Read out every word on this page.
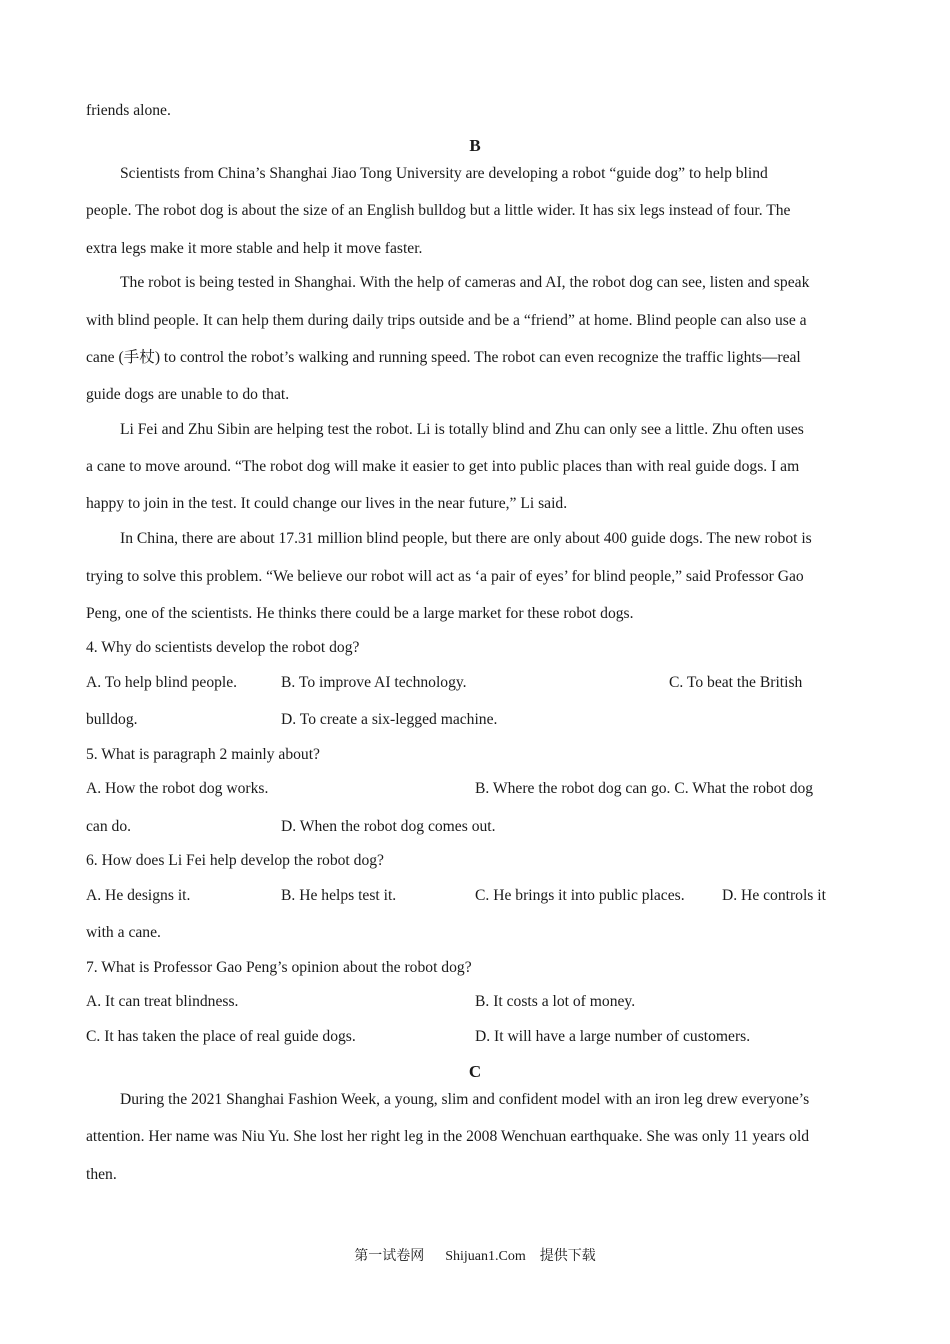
friends alone.
B
Scientists from China’s Shanghai Jiao Tong University are developing a robot “guide dog” to help blind
people. The robot dog is about the size of an English bulldog but a little wider. It has six legs instead of four. The
extra legs make it more stable and help it move faster.
The robot is being tested in Shanghai. With the help of cameras and AI, the robot dog can see, listen and speak
with blind people. It can help them during daily trips outside and be a “friend” at home. Blind people can also use a
cane (手杖) to control the robot’s walking and running speed. The robot can even recognize the traffic lights—real
guide dogs are unable to do that.
Li Fei and Zhu Sibin are helping test the robot. Li is totally blind and Zhu can only see a little. Zhu often uses
a cane to move around. “The robot dog will make it easier to get into public places than with real guide dogs. I am
happy to join in the test. It could change our lives in the near future,” Li said.
In China, there are about 17.31 million blind people, but there are only about 400 guide dogs. The new robot is
trying to solve this problem. “We believe our robot will act as ‘a pair of eyes’ for blind people,” said Professor Gao
Peng, one of the scientists. He thinks there could be a large market for these robot dogs.
4. Why do scientists develop the robot dog?
A. To help blind people.	B. To improve AI technology.	C. To beat the British
bulldog.	D. To create a six-legged machine.
5. What is paragraph 2 mainly about?
A. How the robot dog works.	B. Where the robot dog can go. C. What the robot dog
can do.	D. When the robot dog comes out.
6. How does Li Fei help develop the robot dog?
A. He designs it.	B. He helps test it.	C. He brings it into public places. D. He controls it
with a cane.
7. What is Professor Gao Peng’s opinion about the robot dog?
A. It can treat blindness.	B. It costs a lot of money.
C. It has taken the place of real guide dogs.	D. It will have a large number of customers.
C
During the 2021 Shanghai Fashion Week, a young, slim and confident model with an iron leg drew everyone’s
attention. Her name was Niu Yu. She lost her right leg in the 2008 Wenchuan earthquake. She was only 11 years old
then.
第一试卷网      Shijuan1.Com    提供下载
